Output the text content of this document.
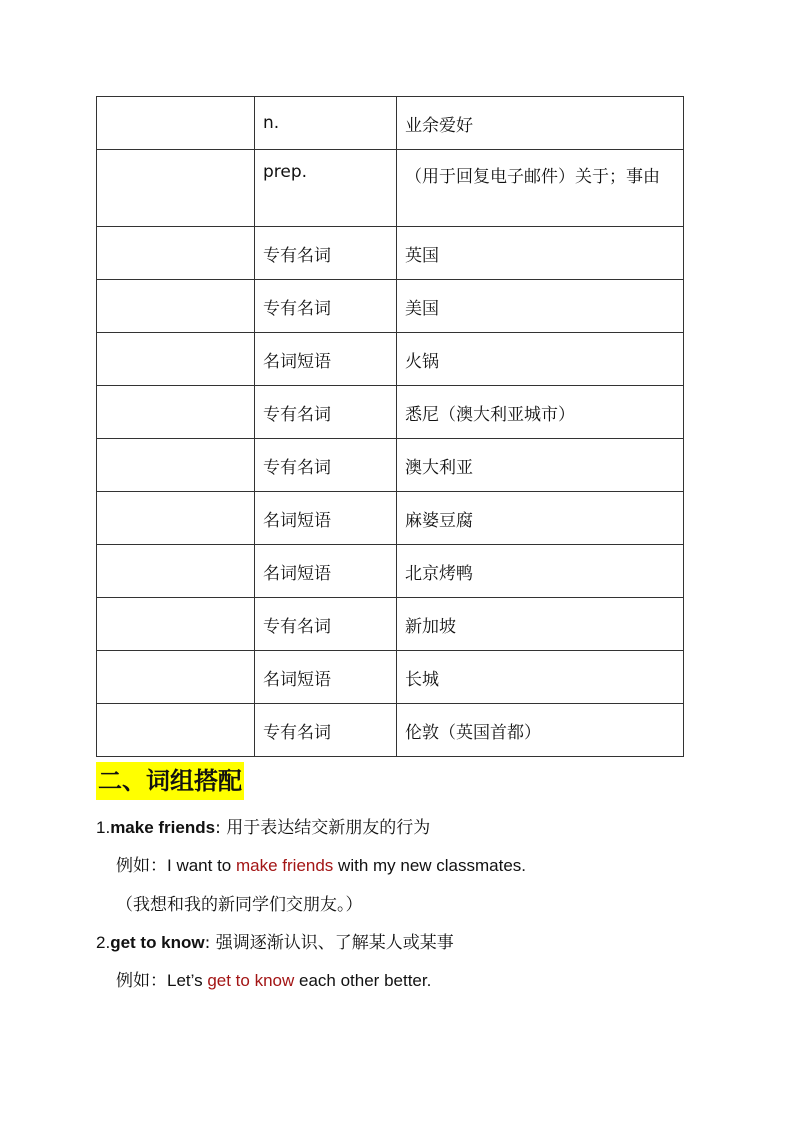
	n.	业余爱好
	prep.	（用于回复电子邮件）关于；事由
	专有名词	英国
	专有名词	美国
	名词短语	火锅
	专有名词	悉尼（澳大利亚城市）
	专有名词	澳大利亚
	名词短语	麻婆豆腐
	名词短语	北京烤鸭
	专有名词	新加坡
	名词短语	长城
	专有名词	伦敦（英国首都）
二、词组搭配
1.make friends: 用于表达结交新朋友的行为
例如：I want to make friends with my new classmates.
（我想和我的新同学们交朋友。）
2.get to know: 强调逐渐认识、了解某人或某事
例如：Let’s get to know each other better.
